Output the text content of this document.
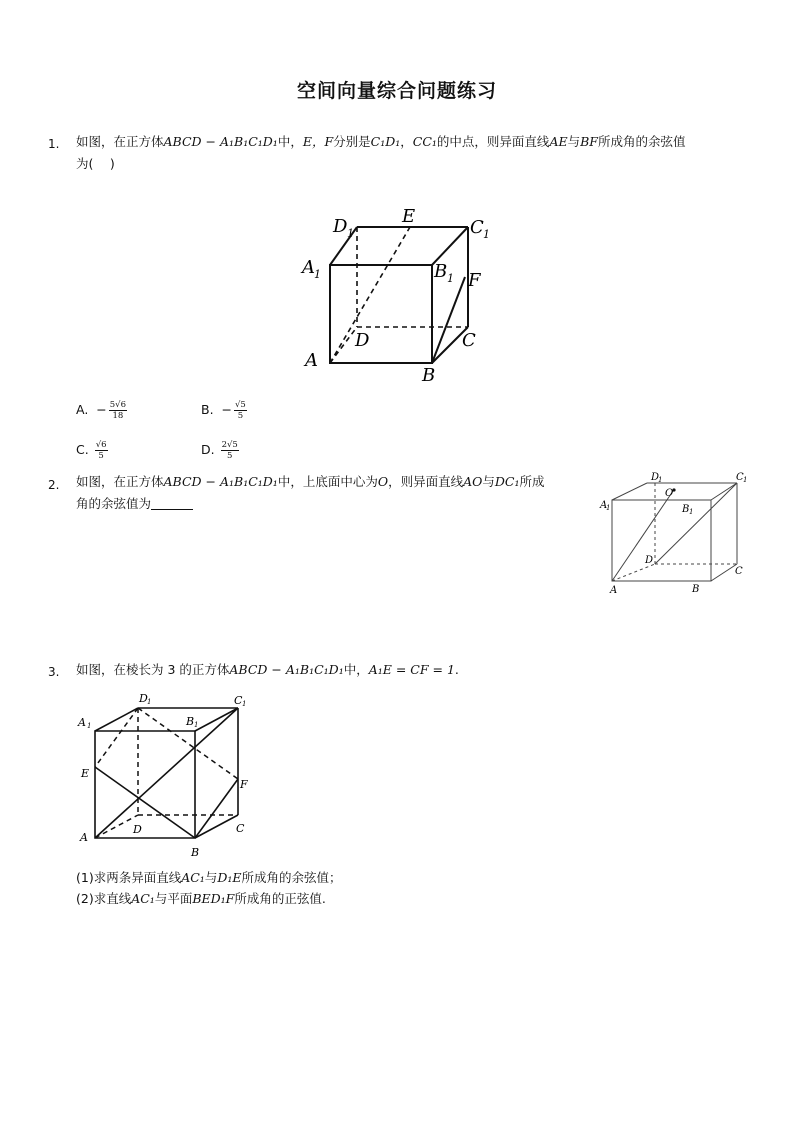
空间向量综合问题练习
1. 如图，在正方体ABCD − A₁B₁C₁D₁中，E，F分别是C₁D₁，CC₁的中点，则异面直线AE与BF所成角的余弦值
为(　 )
D 1
E
C 1
A 1	B 1 F
D	C
A
B
A. − $\frac{5√6}{18}$	B. − $\frac{√5}{5}$
C. $\frac{√6}{5}$	D. $\frac{2√5}{5}$
2. 如图，在正方体ABCD − A₁B₁C₁D₁中，上底面中心为O，则异面直线AO与DC₁所成
角的余弦值为
D
1	C 1
O
A
1	B 1
D
C
A	B
3. 如图，在棱长为 3 的正方体ABCD − A₁B₁C₁D₁中，A₁E = CF = 1.
D 1	C 1
A 1	B 1
E
F
D	C
A
B
(1)求两条异面直线AC₁与D₁E所成角的余弦值；
(2)求直线AC₁与平面BED₁F所成角的正弦值.
